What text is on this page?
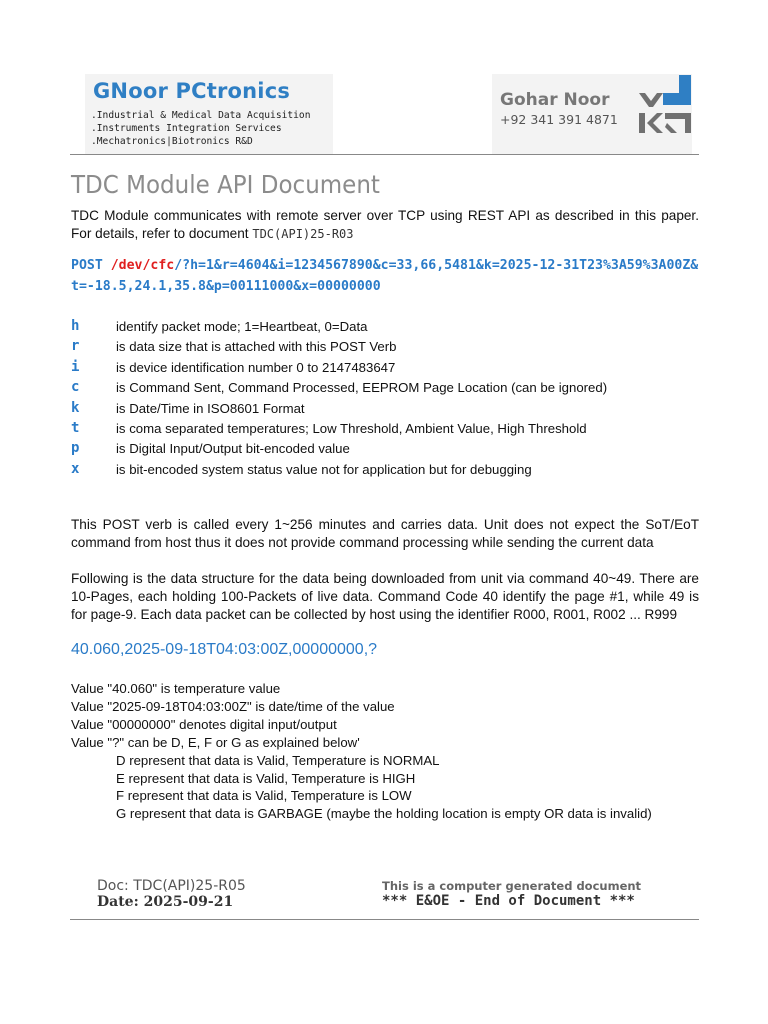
GNoor PCtronics
.Industrial & Medical Data Acquisition
.Instruments Integration Services
.Mechatronics|Biotronics R&D
Gohar Noor
+92 341 391 4871
TDC Module API Document
TDC Module communicates with remote server over TCP using REST API as described in this paper. For details, refer to document TDC(API)25-R03
POST /dev/cfc/?h=1&r=4604&i=1234567890&c=33,66,5481&k=2025-12-31T23%3A59%3A00Z&t=-18.5,24.1,35.8&p=00111000&x=00000000
h	identify packet mode; 1=Heartbeat, 0=Data
r	is data size that is attached with this POST Verb
i	is device identification number 0 to 2147483647
c	is Command Sent, Command Processed, EEPROM Page Location (can be ignored)
k	is Date/Time in ISO8601 Format
t	is coma separated temperatures; Low Threshold, Ambient Value, High Threshold
p	is Digital Input/Output bit-encoded value
x	is bit-encoded system status value not for application but for debugging
This POST verb is called every 1~256 minutes and carries data. Unit does not expect the SoT/EoT command from host thus it does not provide command processing while sending the current data
Following is the data structure for the data being downloaded from unit via command 40~49. There are 10-Pages, each holding 100-Packets of live data. Command Code 40 identify the page #1, while 49 is for page-9. Each data packet can be collected by host using the identifier R000, R001, R002 ... R999
40.060,2025-09-18T04:03:00Z,00000000,?
Value "40.060" is temperature value
Value "2025-09-18T04:03:00Z" is date/time of the value
Value "00000000" denotes digital input/output
Value "?" can be D, E, F or G as explained below'
D represent that data is Valid, Temperature is NORMAL
E represent that data is Valid, Temperature is HIGH
F represent that data is Valid, Temperature is LOW
G represent that data is GARBAGE (maybe the holding location is empty OR data is invalid)
Doc: TDC(API)25-R05
Date: 2025-09-21
This is a computer generated document
*** E&OE - End of Document ***
